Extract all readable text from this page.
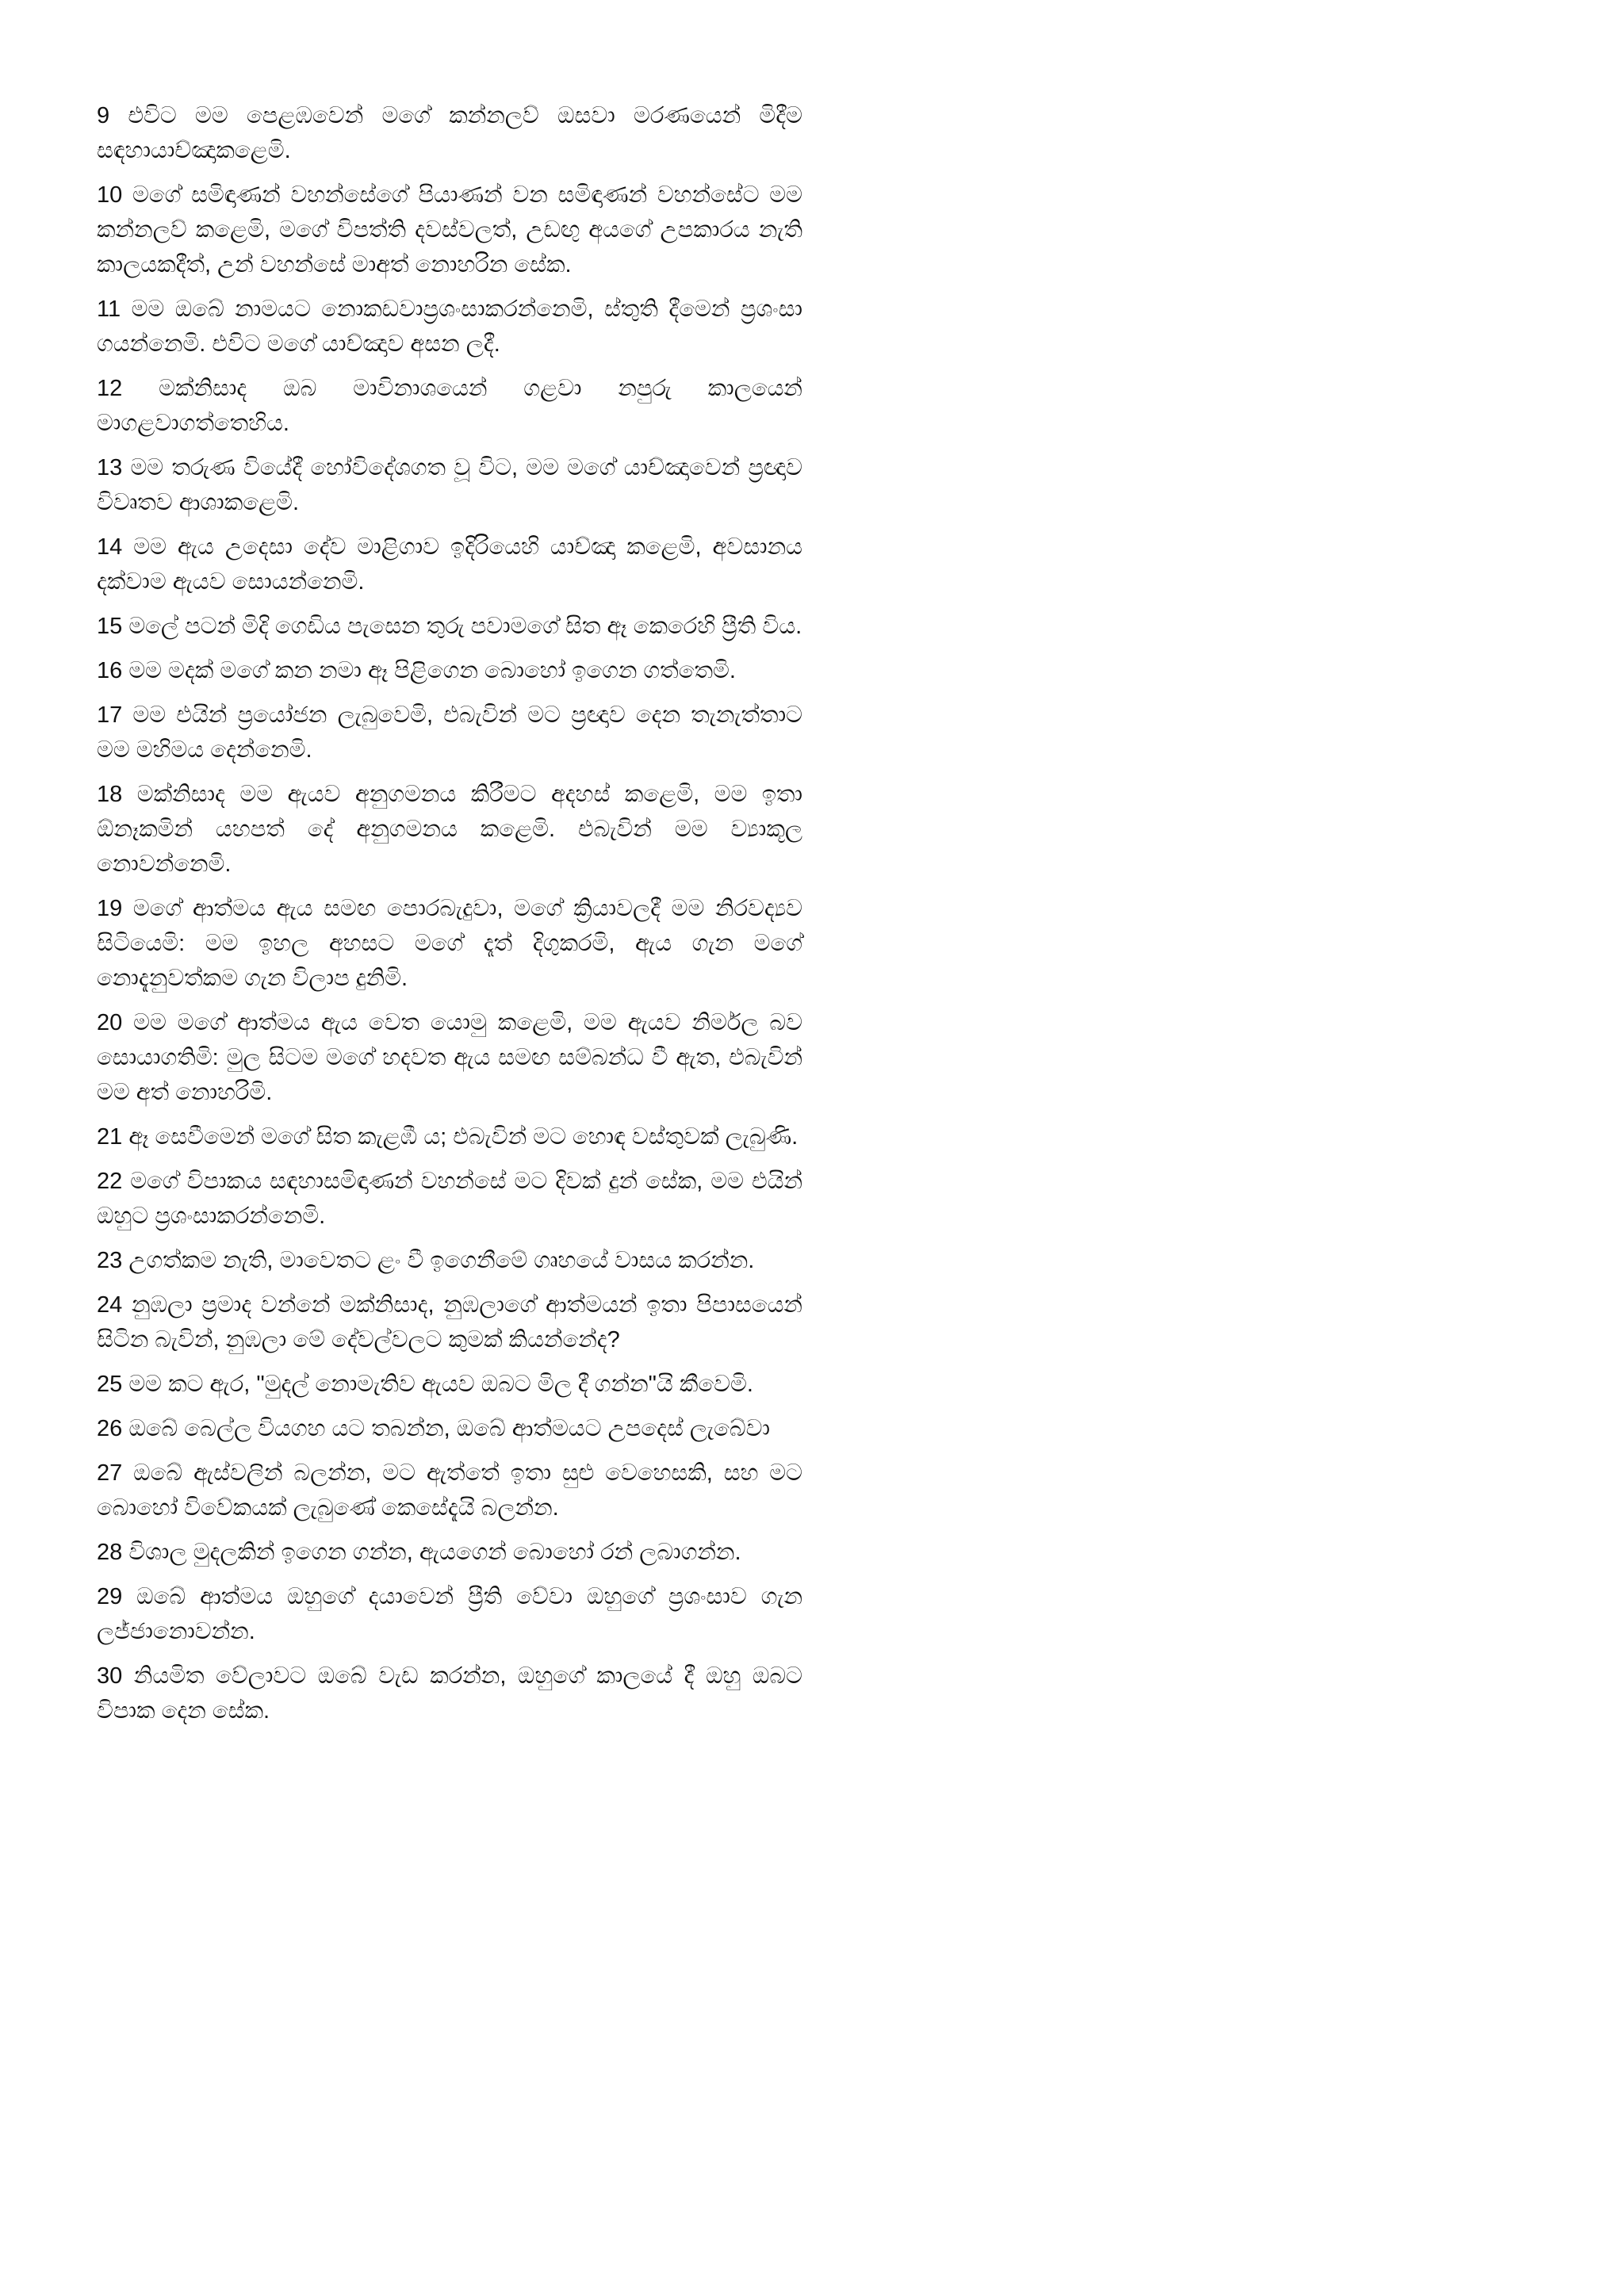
9 එවිට මම පෙළඹවෙන් මගේ කන්නලව් ඔසවා මරණයෙන් මිදීම සඳහායාච්ඤාකළෙමි.

10 මගේ සමිඳාණන් වහන්සේගේ පියාණන් වන සමිඳාණන් වහන්සේට මම කන්නලව් කළෙමි, මගේ විපත්ති දවස්වලත්, උඩඟු අයගේ උපකාරය නැති කාලයකදීත්, උන් වහන්සේ මාඅත් නොහරින සේක.

11 මම ඔබේ නාමයට නොකඩවාප්‍රශංසාකරන්නෙමි, ස්තුති දීමෙන් ප්‍රශංසා ගයන්නෙමි. එවිට මගේ යාච්ඤාව අසන ලදී.

12 මක්නිසාද ඔබ මාවිනාශයෙන් ගළවා නපුරු කාලයෙන් මාගළවාගත්තෙහිය.

13 මම තරුණ වියේදී හෝවිදේශගත වූ විට, මම මගේ යාච්ඤාවෙන් ප්‍රඥාව විවෘතව ආශාකළෙමි.

14 මම ඇය උදෙසා දේව මාළිගාව ඉදිරියෙහි යාච්ඤා කළෙමි, අවසානය දක්වාම ඇයව සොයන්නෙමි.

15 මලේ පටන් මිදි ගෙඩිය පැසෙන තුරු පවාමගේ සිත ඈ කෙරෙහි ප්‍රීති විය.

16 මම මදක් මගේ කන නමා ඈ පිළිගෙන බොහෝ ඉගෙන ගත්තෙමි.

17 මම එයින් ප්‍රයෝජන ලැබුවෙමි, එබැවින් මට ප්‍රඥාව දෙන තැනැත්තාට මම මහිමය දෙන්නෙමි.

18 මක්නිසාද මම ඇයව අනුගමනය කිරීමට අදහස් කළෙමි, මම ඉතා ඕනෑකමින් යහපත් දේ අනුගමනය කළෙමි. එබැවින් මම ව්‍යාකූල නොවන්නෙමි.

19 මගේ ආත්මය ඇය සමඟ පොරබැදුවා, මගේ ක්‍රියාවලදී මම නිරවද්‍යව සිටියෙමි: මම ඉහල අහසට මගේ දෑත් දිගුකරමි, ඇය ගැන මගේ නොදැනුවත්කම ගැන විලාප දුනිමි.

20 මම මගේ ආත්මය ඇය වෙත යොමු කළෙමි, මම ඇයව නිර්මල බව සොයාගතිමි: මුල සිටම මගේ හදවත ඇය සමඟ සම්බන්ධ වී ඇත, එබැවින් මම අත් නොහරිමි.

21 ඈ සෙවීමෙන් මගේ සිත කැළඹී ය; එබැවින් මට හොඳ වස්තුවක් ලැබුණි.

22 මගේ විපාකය සඳහාසමිඳාණන් වහන්සේ මට දිවක් දුන් සේක, මම එයින් ඔහුට ප්‍රශංසාකරන්නෙමි.

23 උගත්කම නැති, මාවෙතට ළං වී ඉගෙනීමේ ගෘහයේ වාසය කරන්න.

24 නුඹලා ප්‍රමාද වන්නේ මක්නිසාද, නුඹලාගේ ආත්මයන් ඉතා පිපාසයෙන් සිටින බැවින්, නුඹලා මේ දේවල්වලට කුමක් කියන්නේද?

25 මම කට ඇර, "මුදල් නොමැතිව ඇයව ඔබට මිල දී ගන්න"යි කීවෙමි.

26 ඔබේ බෙල්ල වියගහ යට තබන්න, ඔබේ ආත්මයට උපදෙස් ලැබේවා

27 ඔබේ ඇස්වලින් බලන්න, මට ඇත්තේ ඉතා සුළු වෙහෙසකි, සහ මට බොහෝ විවේකයක් ලැබුණේ කෙසේදැයි බලන්න.

28 විශාල මුදලකින් ඉගෙන ගන්න, ඇයගෙන් බොහෝ රන් ලබාගන්න.

29 ඔබේ ආත්මය ඔහුගේ දයාවෙන් ප්‍රීති වේවා ඔහුගේ ප්‍රශංසාව ගැන ලජ්ජානොවන්න.

30 නියමිත වේලාවට ඔබේ වැඩ කරන්න, ඔහුගේ කාලයේ දී ඔහු ඔබට විපාක දෙන සේක.
